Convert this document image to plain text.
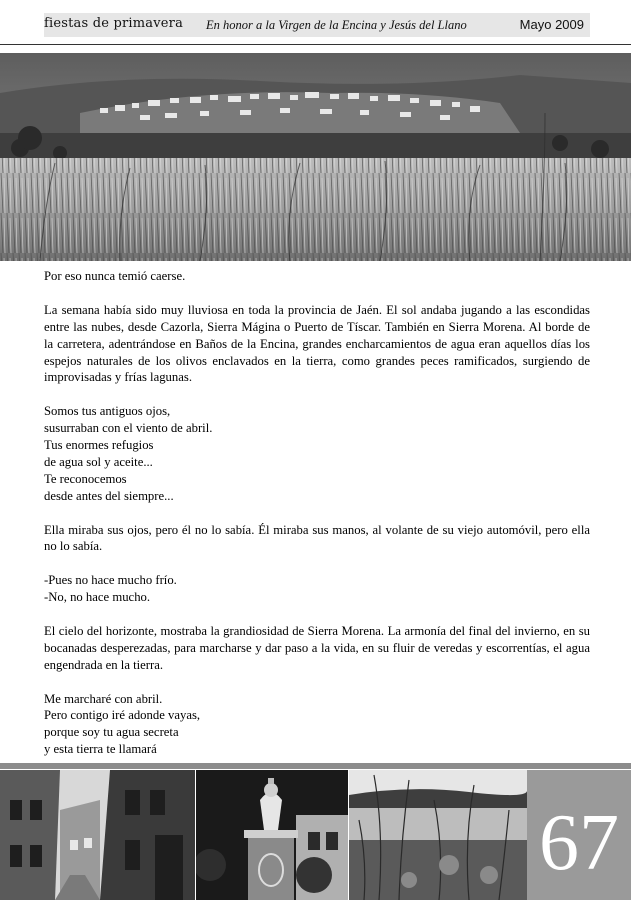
fiestas de primavera En honor a la Virgen de la Encina y Jesús del Llano	Mayo 2009

Por eso nunca temió caerse.

La semana había sido muy lluviosa en toda la provincia de Jaén. El sol andaba jugando a las escondidas entre las nubes, desde Cazorla, Sierra Mágina o Puerto de Tíscar. También en Sierra Morena. Al borde de la carretera, adentrándose en Baños de la Encina, grandes encharcamientos de agua eran aquellos días los espejos naturales de los olivos enclavados en la tierra, como grandes peces ramificados, surgiendo de improvisadas y frías lagunas.

Somos tus antiguos ojos,
susurraban con el viento de abril.
Tus enormes refugios
de agua sol y aceite...
Te reconocemos
desde antes del siempre...

Ella miraba sus ojos, pero él no lo sabía. Él miraba sus manos, al volante de su viejo automóvil, pero ella no lo sabía.

-Pues no hace mucho frío.
-No, no hace mucho.

El cielo del horizonte, mostraba la grandiosidad de Sierra Morena. La armonía del final del invierno, en su bocanadas desperezadas, para marcharse y dar paso a la vida, en su fluir de veredas y escorrentías, el agua engendrada en la tierra.

Me marcharé con abril.
Pero contigo iré adonde vayas,
porque soy tu agua secreta
y esta tierra te llamará

67
